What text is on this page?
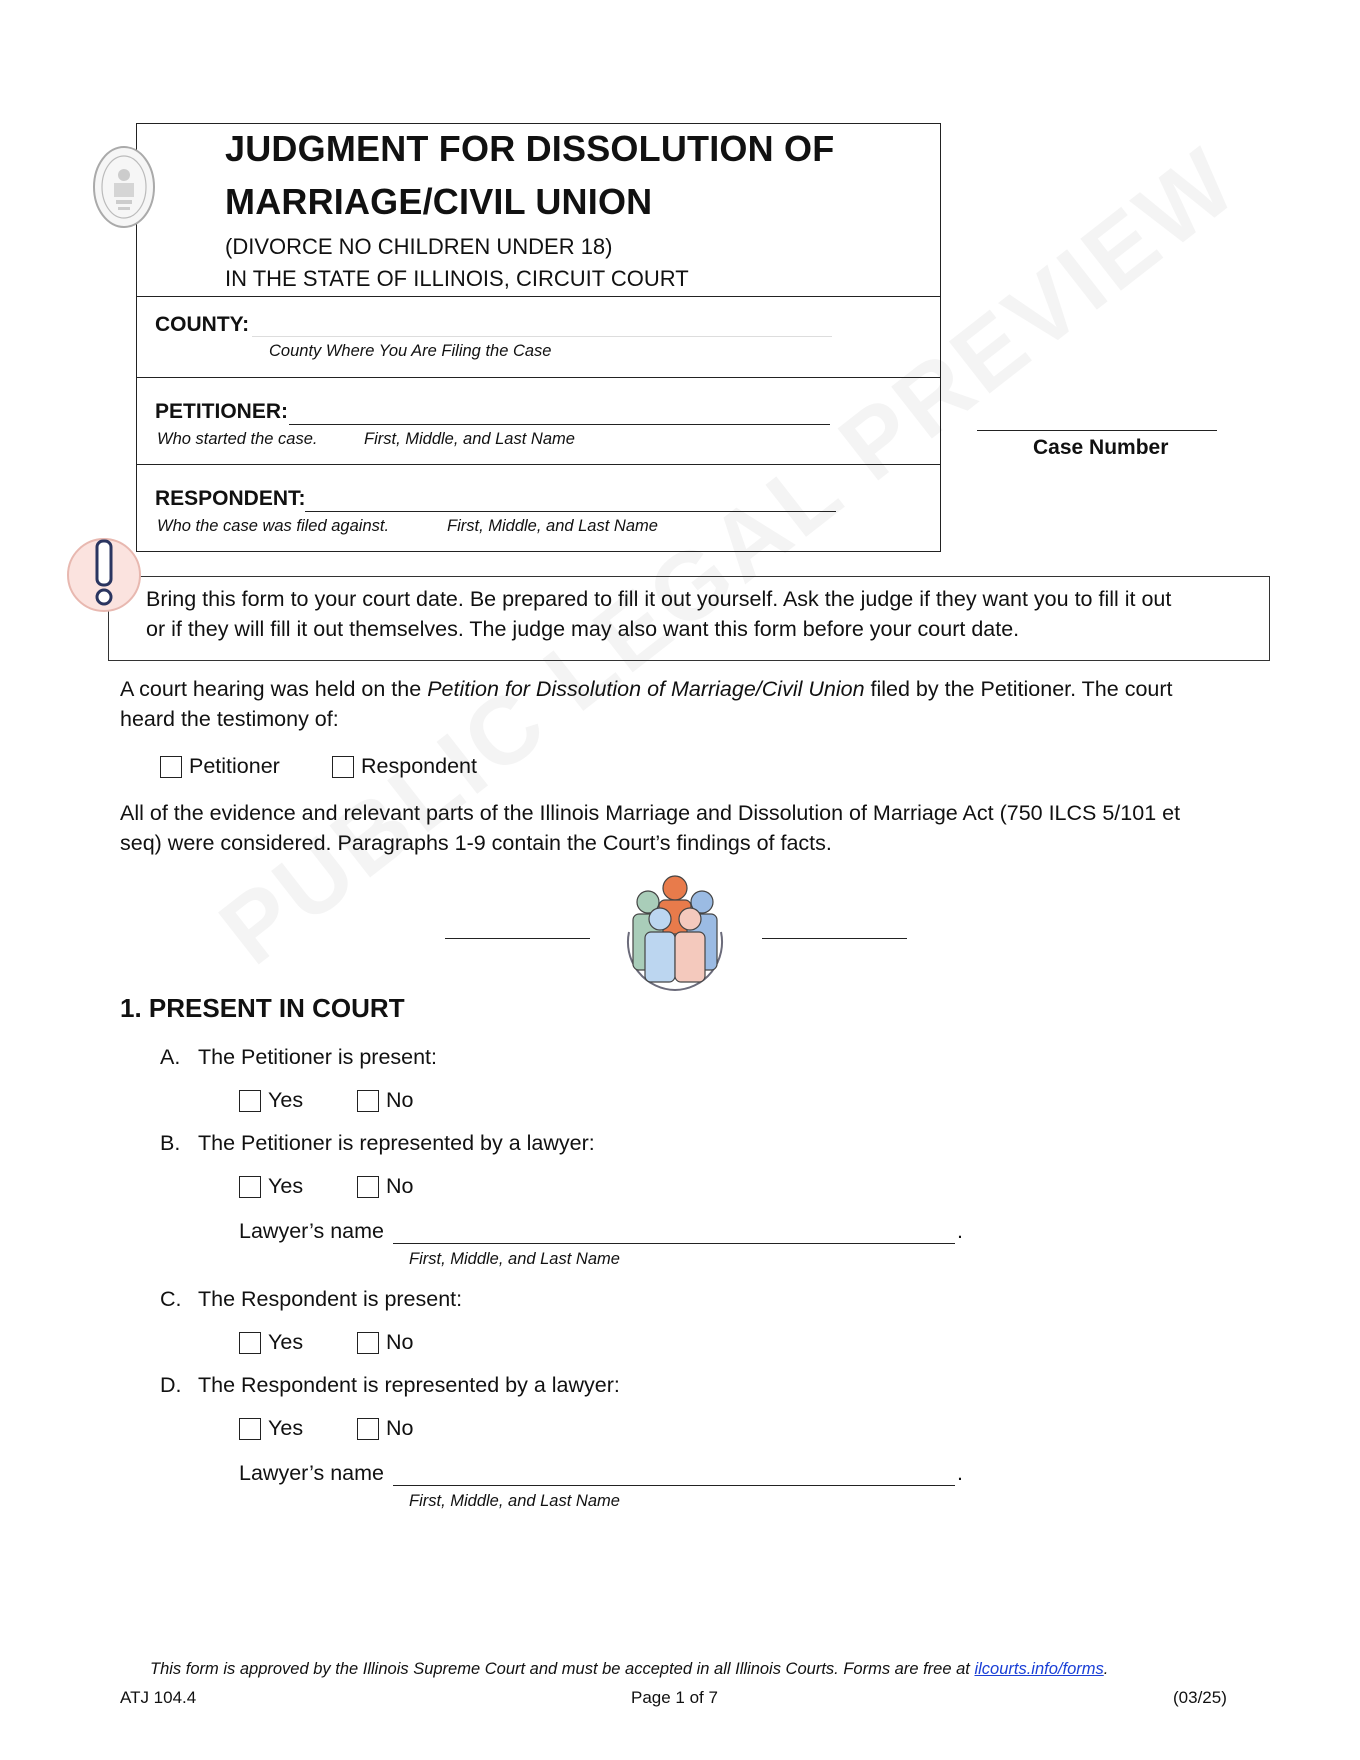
JUDGMENT FOR DISSOLUTION OF
MARRIAGE/CIVIL UNION
(DIVORCE NO CHILDREN UNDER 18)
IN THE STATE OF ILLINOIS, CIRCUIT COURT
COUNTY:
County Where You Are Filing the Case
PETITIONER:
Who started the case.	First, Middle, and Last Name
RESPONDENT:
Who the case was filed against.	First, Middle, and Last Name
Case Number
Bring this form to your court date. Be prepared to fill it out yourself. Ask the judge if they want you to fill it out
or if they will fill it out themselves. The judge may also want this form before your court date.
A court hearing was held on the Petition for Dissolution of Marriage/Civil Union filed by the Petitioner. The court
heard the testimony of:
Petitioner	Respondent
All of the evidence and relevant parts of the Illinois Marriage and Dissolution of Marriage Act (750 ILCS 5/101 et
seq) were considered. Paragraphs 1-9 contain the Court’s findings of facts.
1. PRESENT IN COURT
A. The Petitioner is present:
Yes	No
B. The Petitioner is represented by a lawyer:
Yes	No
Lawyer’s name	.
First, Middle, and Last Name
C. The Respondent is present:
Yes	No
D. The Respondent is represented by a lawyer:
Yes	No
Lawyer’s name	.
First, Middle, and Last Name
This form is approved by the Illinois Supreme Court and must be accepted in all Illinois Courts. Forms are free at ilcourts.info/forms.
ATJ 104.4	Page 1 of 7	(03/25)
